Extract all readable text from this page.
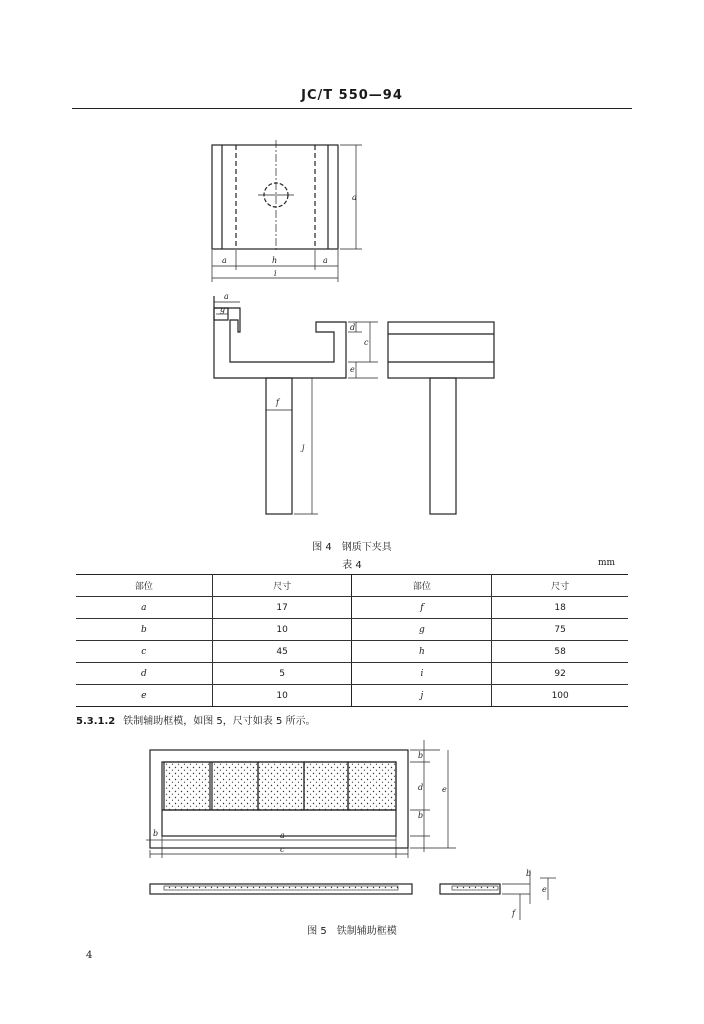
JC/T 550—94
a
a	h	a
i
a
g
d
c
e
f
j
图 4　钢质下夹具
表 4	mm
部位	尺寸	部位	尺寸
a	17	f	18
b	10	g	75
c	45	h	58
d	5	i	92
e	10	j	100
5.3.1.2 铁制辅助框模，如图 5，尺寸如表 5 所示。
b
d
b
e
b	a
c
b
e
f
图 5　铁制辅助框模
4
